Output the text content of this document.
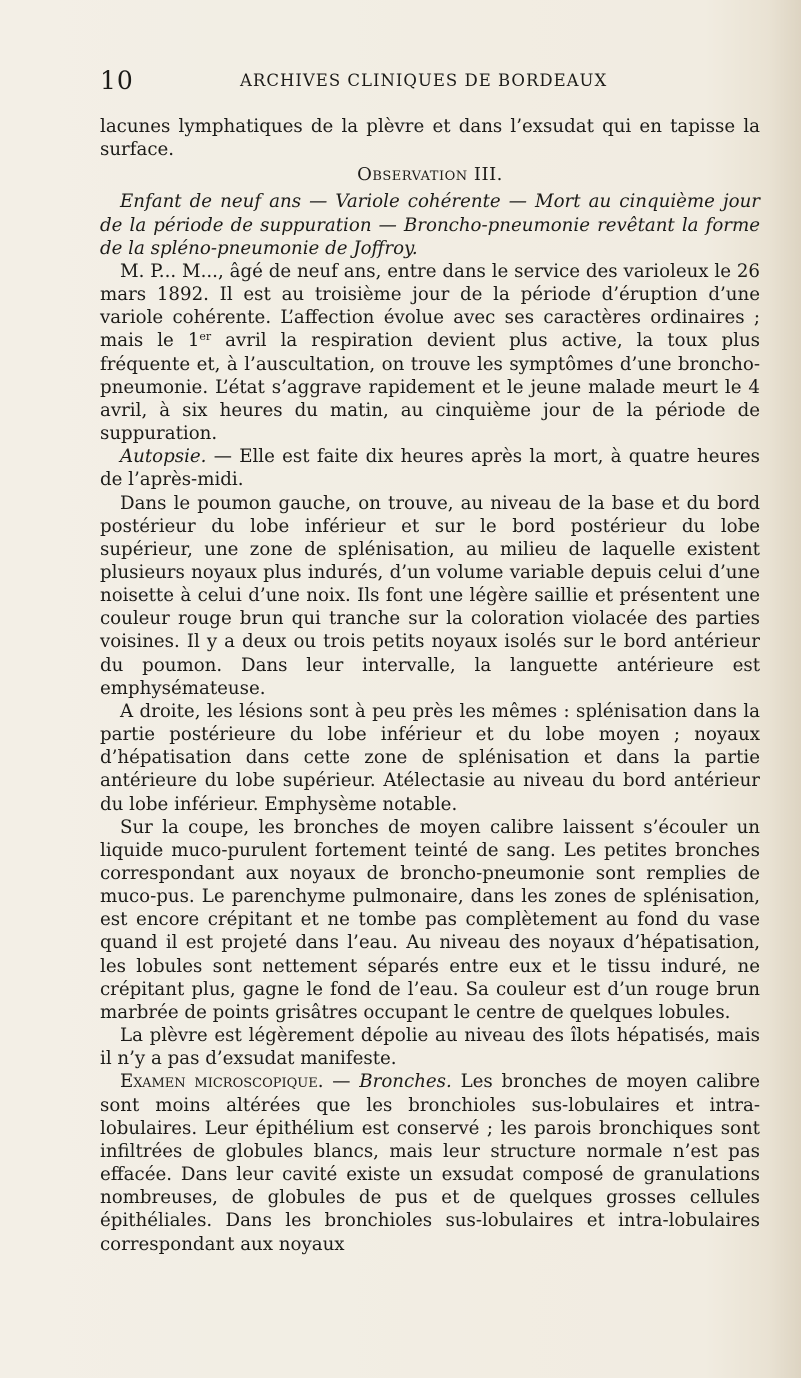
10	ARCHIVES CLINIQUES DE BORDEAUX

lacunes lymphatiques de la plèvre et dans l’exsudat qui en tapisse la surface.

Observation III.

Enfant de neuf ans — Variole cohérente — Mort au cinquième jour de la période de suppuration — Broncho-pneumonie revêtant la forme de la spléno-pneumonie de Joffroy.

M. P... M..., âgé de neuf ans, entre dans le service des varioleux le 26 mars 1892. Il est au troisième jour de la période d’éruption d’une variole cohérente. L’affection évolue avec ses caractères ordinaires ; mais le 1er avril la respiration devient plus active, la toux plus fréquente et, à l’auscultation, on trouve les symptômes d’une broncho-pneumonie. L’état s’aggrave rapidement et le jeune malade meurt le 4 avril, à six heures du matin, au cinquième jour de la période de suppuration.

Autopsie. — Elle est faite dix heures après la mort, à quatre heures de l’après-midi.

Dans le poumon gauche, on trouve, au niveau de la base et du bord postérieur du lobe inférieur et sur le bord postérieur du lobe supérieur, une zone de splénisation, au milieu de laquelle existent plusieurs noyaux plus indurés, d’un volume variable depuis celui d’une noisette à celui d’une noix. Ils font une légère saillie et présentent une couleur rouge brun qui tranche sur la coloration violacée des parties voisines. Il y a deux ou trois petits noyaux isolés sur le bord antérieur du poumon. Dans leur intervalle, la languette antérieure est emphysémateuse.

A droite, les lésions sont à peu près les mêmes : splénisation dans la partie postérieure du lobe inférieur et du lobe moyen ; noyaux d’hépatisation dans cette zone de splénisation et dans la partie antérieure du lobe supérieur. Atélectasie au niveau du bord antérieur du lobe inférieur. Emphysème notable.

Sur la coupe, les bronches de moyen calibre laissent s’écouler un liquide muco-purulent fortement teinté de sang. Les petites bronches correspondant aux noyaux de broncho-pneumonie sont remplies de muco-pus. Le parenchyme pulmonaire, dans les zones de splénisation, est encore crépitant et ne tombe pas complètement au fond du vase quand il est projeté dans l’eau. Au niveau des noyaux d’hépatisation, les lobules sont nettement séparés entre eux et le tissu induré, ne crépitant plus, gagne le fond de l’eau. Sa couleur est d’un rouge brun marbrée de points grisâtres occupant le centre de quelques lobules.

La plèvre est légèrement dépolie au niveau des îlots hépatisés, mais il n’y a pas d’exsudat manifeste.

Examen microscopique. — Bronches. Les bronches de moyen calibre sont moins altérées que les bronchioles sus-lobulaires et intra-lobulaires. Leur épithélium est conservé ; les parois bronchiques sont infiltrées de globules blancs, mais leur structure normale n’est pas effacée. Dans leur cavité existe un exsudat composé de granulations nombreuses, de globules de pus et de quelques grosses cellules épithéliales. Dans les bronchioles sus-lobulaires et intra-lobulaires correspondant aux noyaux
